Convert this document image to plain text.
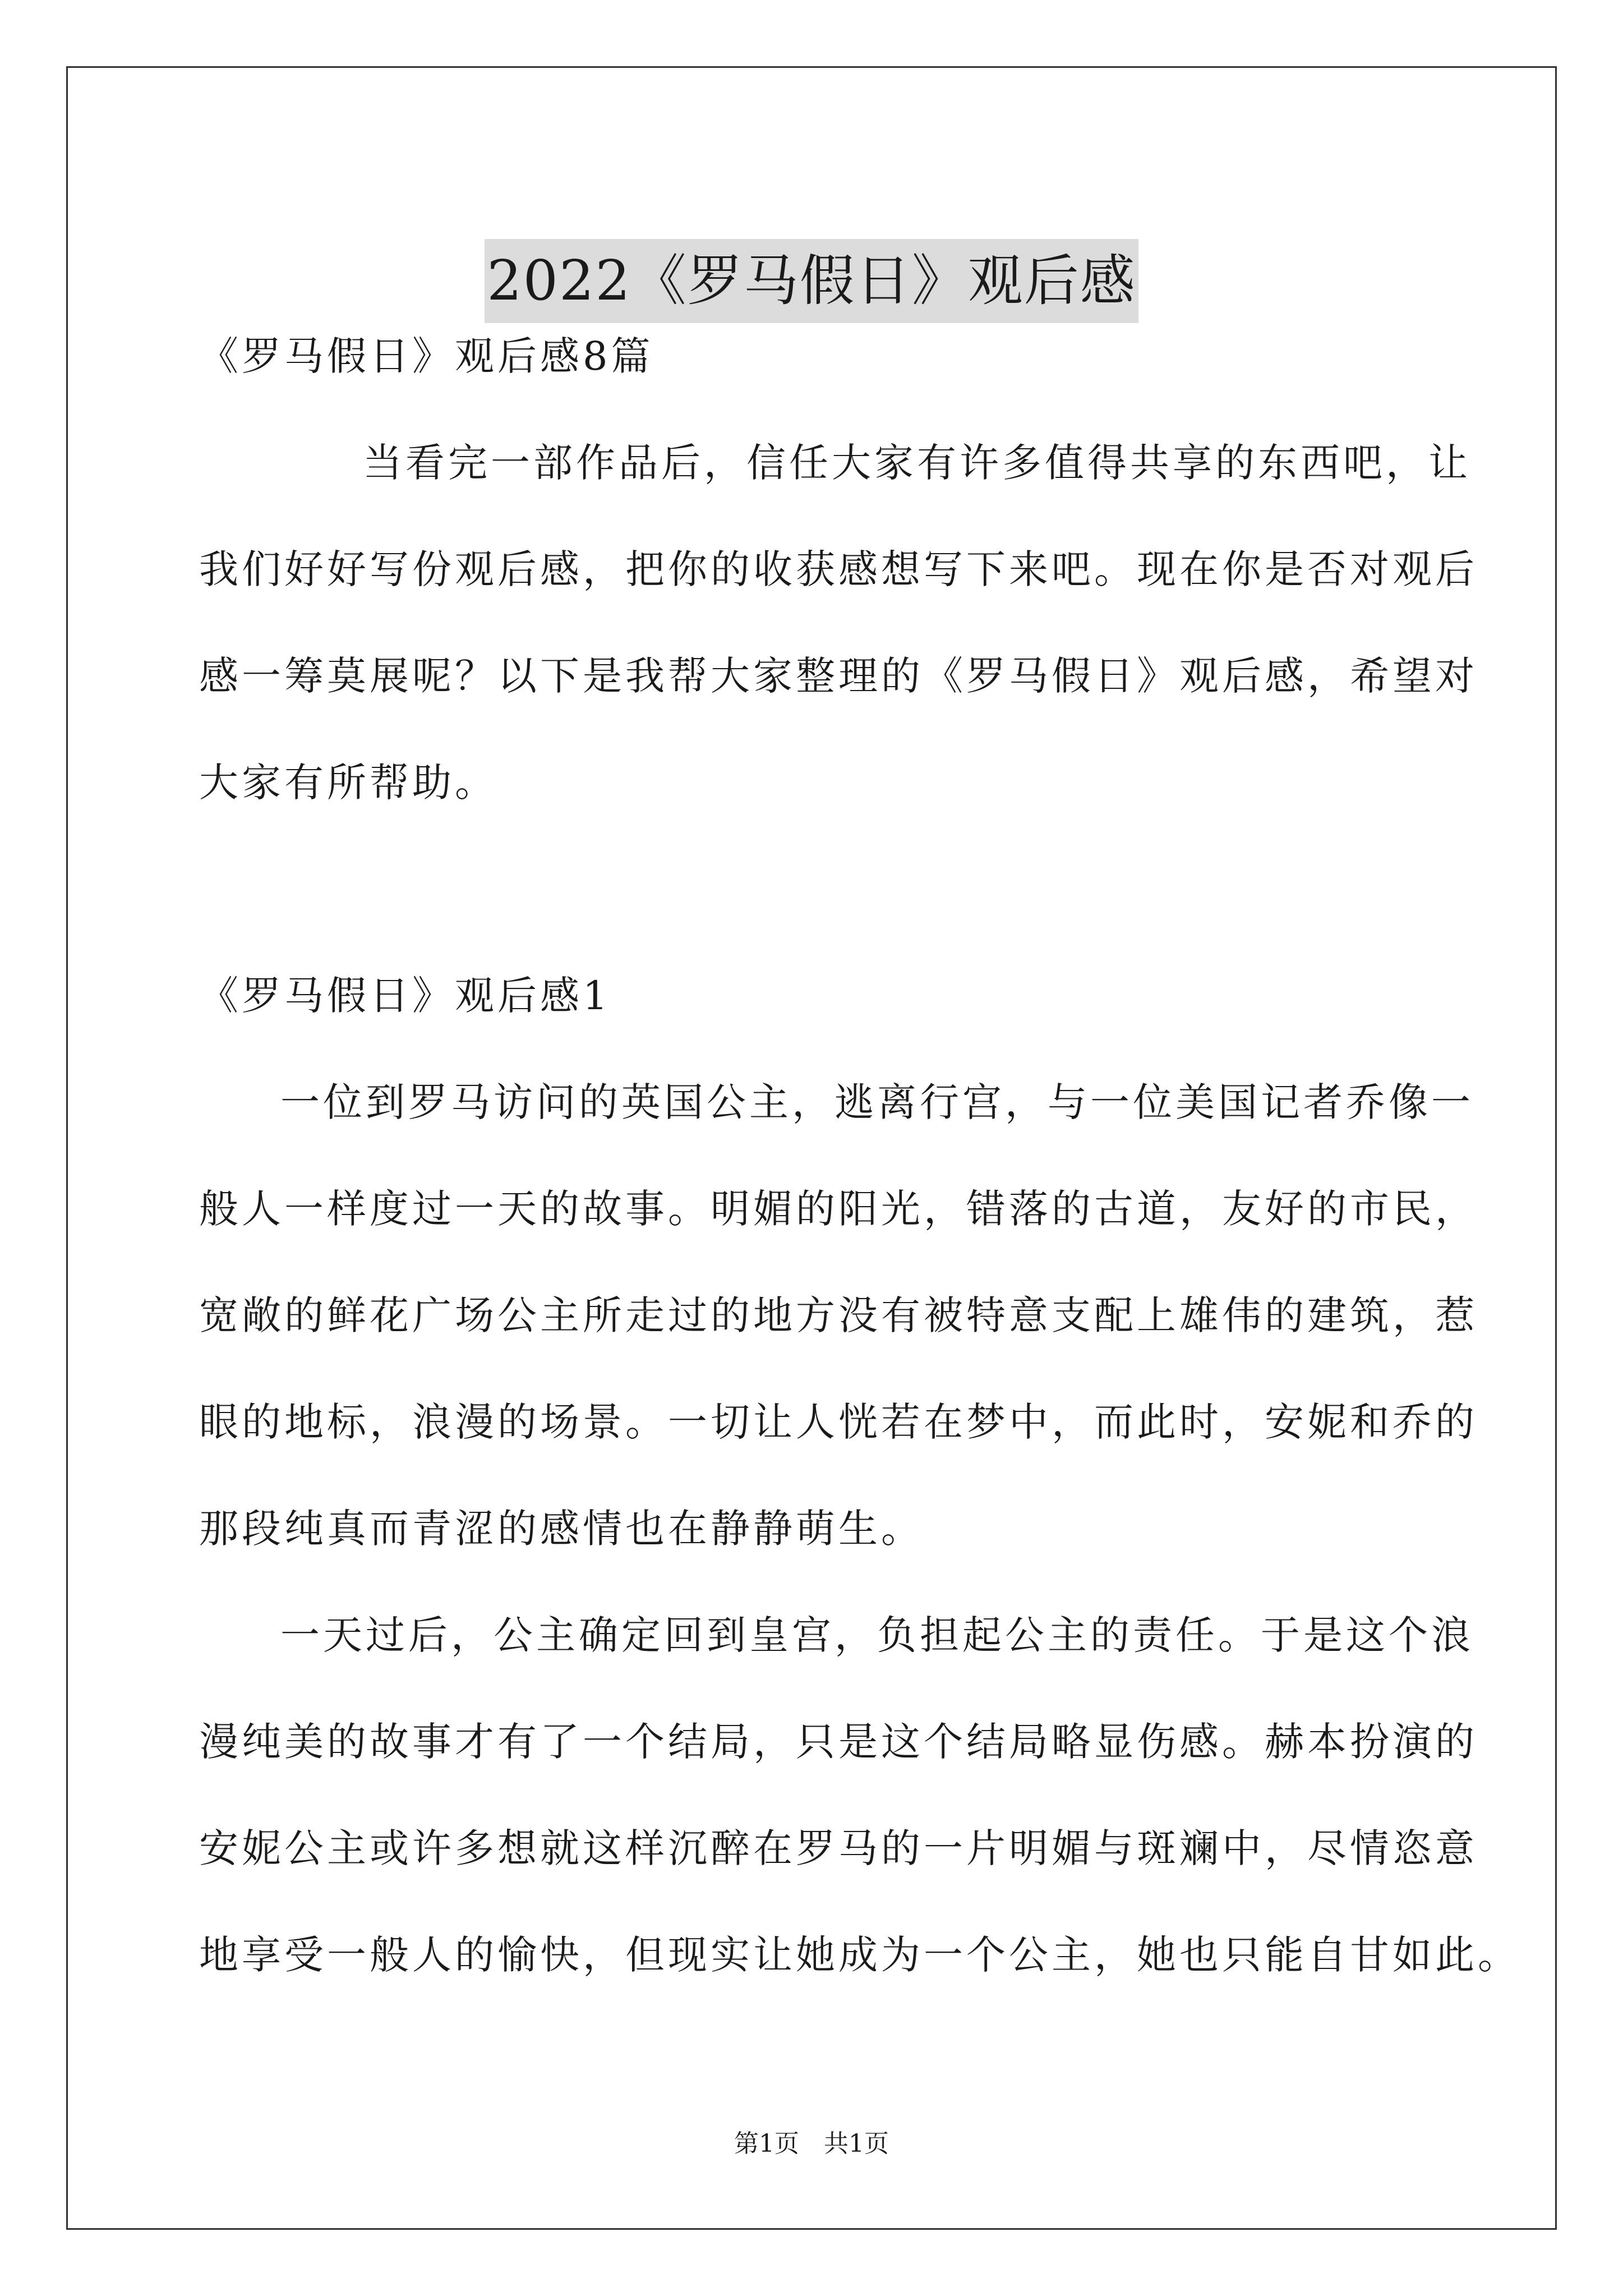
2022《罗马假日》观后感
《罗马假日》观后感8篇
当看完一部作品后，信任大家有许多值得共享的东西吧，让
我们好好写份观后感，把你的收获感想写下来吧。现在你是否对观后
感一筹莫展呢？以下是我帮大家整理的《罗马假日》观后感，希望对
大家有所帮助。
《罗马假日》观后感1
一位到罗马访问的英国公主，逃离行宫，与一位美国记者乔像一
般人一样度过一天的故事。明媚的阳光，错落的古道，友好的市民，
宽敞的鲜花广场公主所走过的地方没有被特意支配上雄伟的建筑，惹
眼的地标，浪漫的场景。一切让人恍若在梦中，而此时，安妮和乔的
那段纯真而青涩的感情也在静静萌生。
一天过后，公主确定回到皇宫，负担起公主的责任。于是这个浪
漫纯美的故事才有了一个结局，只是这个结局略显伤感。赫本扮演的
安妮公主或许多想就这样沉醉在罗马的一片明媚与斑斓中，尽情恣意
地享受一般人的愉快，但现实让她成为一个公主，她也只能自甘如此。
第1页　共1页
